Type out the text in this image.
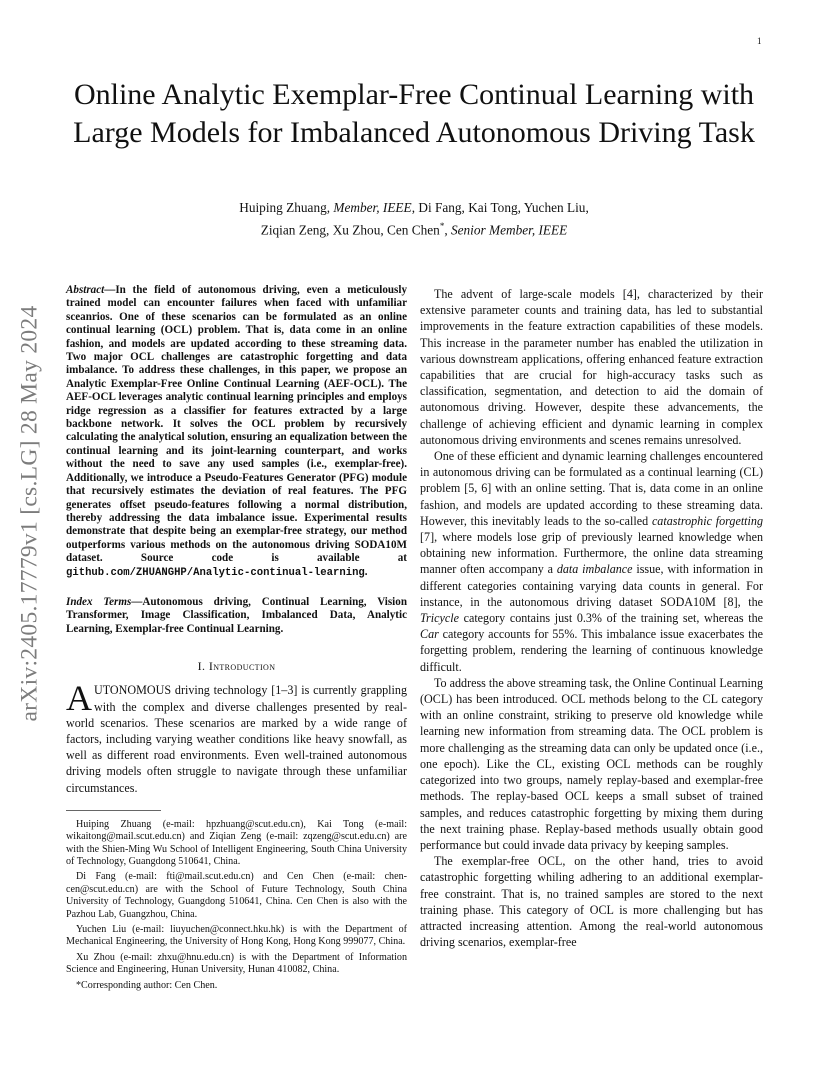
1
arXiv:2405.17779v1 [cs.LG] 28 May 2024
Online Analytic Exemplar-Free Continual Learning with Large Models for Imbalanced Autonomous Driving Task
Huiping Zhuang, Member, IEEE, Di Fang, Kai Tong, Yuchen Liu,
Ziqian Zeng, Xu Zhou, Cen Chen*, Senior Member, IEEE
Abstract—In the field of autonomous driving, even a meticulously trained model can encounter failures when faced with unfamiliar sceanrios. One of these scenarios can be formulated as an online continual learning (OCL) problem. That is, data come in an online fashion, and models are updated according to these streaming data. Two major OCL challenges are catastrophic forgetting and data imbalance. To address these challenges, in this paper, we propose an Analytic Exemplar-Free Online Continual Learning (AEF-OCL). The AEF-OCL leverages analytic continual learning principles and employs ridge regression as a classifier for features extracted by a large backbone network. It solves the OCL problem by recursively calculating the analytical solution, ensuring an equalization between the continual learning and its joint-learning counterpart, and works without the need to save any used samples (i.e., exemplar-free). Additionally, we introduce a Pseudo-Features Generator (PFG) module that recursively estimates the deviation of real features. The PFG generates offset pseudo-features following a normal distribution, thereby addressing the data imbalance issue. Experimental results demonstrate that despite being an exemplar-free strategy, our method outperforms various methods on the autonomous driving SODA10M dataset. Source code is available at github.com/ZHUANGHP/Analytic-continual-learning.
Index Terms—Autonomous driving, Continual Learning, Vision Transformer, Image Classification, Imbalanced Data, Analytic Learning, Exemplar-free Continual Learning.
I. Introduction

AUTONOMOUS driving technology [1–3] is currently grappling with the complex and diverse challenges presented by real-world scenarios. These scenarios are marked by a wide range of factors, including varying weather conditions like heavy snowfall, as well as different road environments. Even well-trained autonomous driving models often struggle to navigate through these unfamiliar circumstances.

Huiping Zhuang (e-mail: hpzhuang@scut.edu.cn), Kai Tong (e-mail: wikaitong@mail.scut.edu.cn) and Ziqian Zeng (e-mail: zqzeng@scut.edu.cn) are with the Shien-Ming Wu School of Intelligent Engineering, South China University of Technology, Guangdong 510641, China.

Di Fang (e-mail: fti@mail.scut.edu.cn) and Cen Chen (e-mail: chen-cen@scut.edu.cn) are with the School of Future Technology, South China University of Technology, Guangdong 510641, China. Cen Chen is also with the Pazhou Lab, Guangzhou, China.

Yuchen Liu (e-mail: liuyuchen@connect.hku.hk) is with the Department of Mechanical Engineering, the University of Hong Kong, Hong Kong 999077, China.

Xu Zhou (e-mail: zhxu@hnu.edu.cn) is with the Department of Information Science and Engineering, Hunan University, Hunan 410082, China.

*Corresponding author: Cen Chen.

The advent of large-scale models [4], characterized by their extensive parameter counts and training data, has led to substantial improvements in the feature extraction capabilities of these models. This increase in the parameter number has enabled the utilization in various downstream applications, offering enhanced feature extraction capabilities that are crucial for high-accuracy tasks such as classification, segmentation, and detection to aid the domain of autonomous driving. However, despite these advancements, the challenge of achieving efficient and dynamic learning in complex autonomous driving environments and scenes remains unresolved.

One of these efficient and dynamic learning challenges encountered in autonomous driving can be formulated as a continual learning (CL) problem [5, 6] with an online setting. That is, data come in an online fashion, and models are updated according to these streaming data. However, this inevitably leads to the so-called catastrophic forgetting [7], where models lose grip of previously learned knowledge when obtaining new information. Furthermore, the online data streaming manner often accompany a data imbalance issue, with information in different categories containing varying data counts in general. For instance, in the autonomous driving dataset SODA10M [8], the Tricycle category contains just 0.3% of the training set, whereas the Car category accounts for 55%. This imbalance issue exacerbates the forgetting problem, rendering the learning of continuous knowledge difficult.

To address the above streaming task, the Online Continual Learning (OCL) has been introduced. OCL methods belong to the CL category with an online constraint, striking to preserve old knowledge while learning new information from streaming data. The OCL problem is more challenging as the streaming data can only be updated once (i.e., one epoch). Like the CL, existing OCL methods can be roughly categorized into two groups, namely replay-based and exemplar-free methods. The replay-based OCL keeps a small subset of trained samples, and reduces catastrophic forgetting by mixing them during the next training phase. Replay-based methods usually obtain good performance but could invade data privacy by keeping samples.

The exemplar-free OCL, on the other hand, tries to avoid catastrophic forgetting whiling adhering to an additional exemplar-free constraint. That is, no trained samples are stored to the next training phase. This category of OCL is more challenging but has attracted increasing attention. Among the real-world autonomous driving scenarios, exemplar-free
